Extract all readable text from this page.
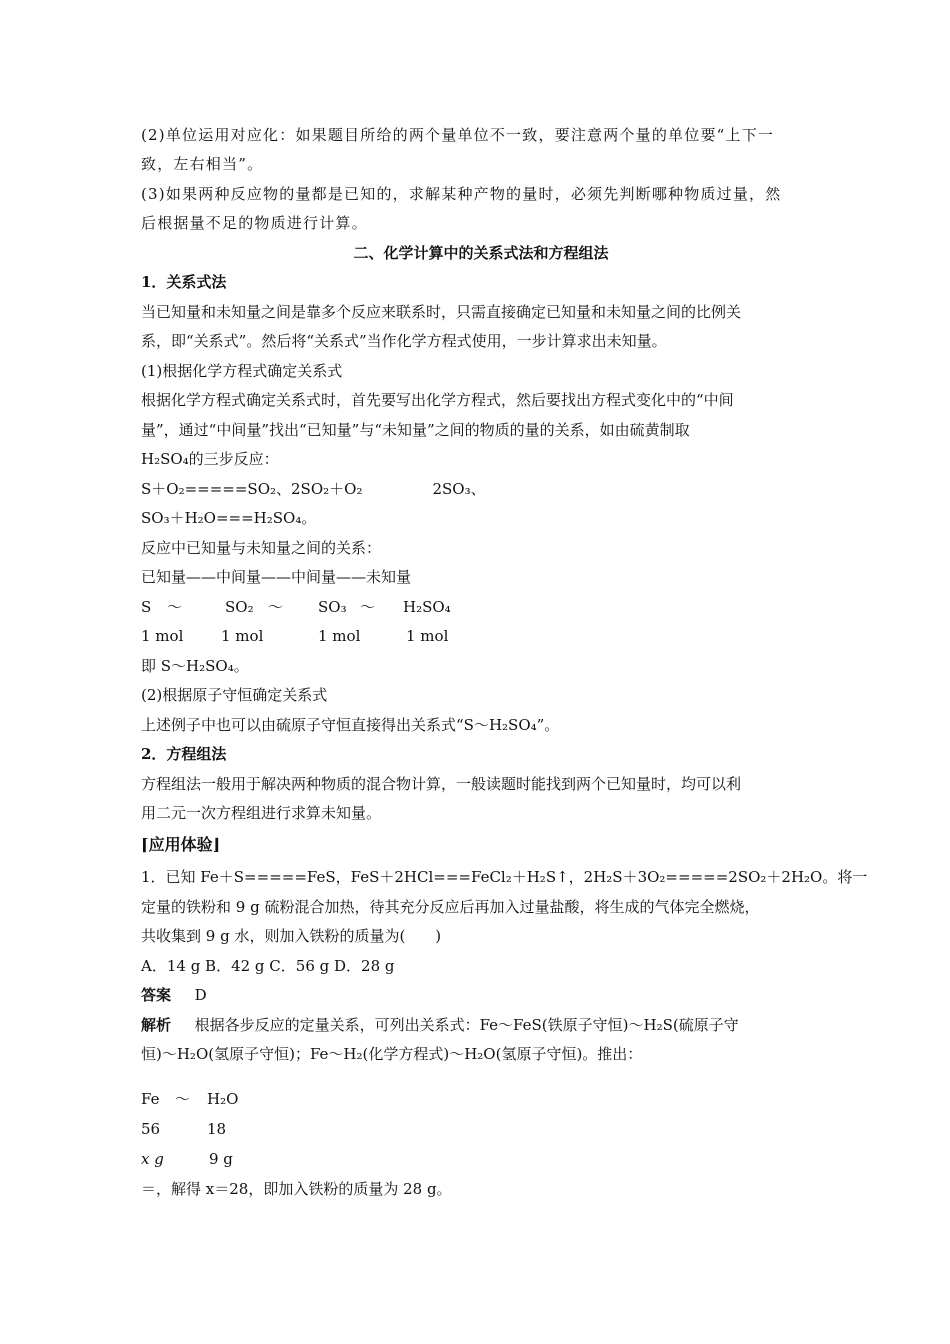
(2)单位运用对应化：如果题目所给的两个量单位不一致，要注意两个量的单位要“上下一
致，左右相当”。
(3)如果两种反应物的量都是已知的，求解某种产物的量时，必须先判断哪种物质过量，然
后根据量不足的物质进行计算。
二、化学计算中的关系式法和方程组法
1．关系式法
当已知量和未知量之间是靠多个反应来联系时，只需直接确定已知量和未知量之间的比例关
系，即“关系式”。然后将“关系式”当作化学方程式使用，一步计算求出未知量。
(1)根据化学方程式确定关系式
根据化学方程式确定关系式时，首先要写出化学方程式，然后要找出方程式变化中的“中间
量”，通过“中间量”找出“已知量”与“未知量”之间的物质的量的关系，如由硫黄制取
H₂SO₄的三步反应：
S＋O₂=====SO₂、2SO₂＋O₂	2SO₃、
SO₃＋H₂O===H₂SO₄。
反应中已知量与未知量之间的关系：
已知量——中间量——中间量——未知量
S ～	SO₂ ～ SO₃ ～ H₂SO₄
1 mol	1 mol	1 mol	1 mol
即 S～H₂SO₄。
(2)根据原子守恒确定关系式
上述例子中也可以由硫原子守恒直接得出关系式“S～H₂SO₄”。
2．方程组法
方程组法一般用于解决两种物质的混合物计算，一般读题时能找到两个已知量时，均可以利
用二元一次方程组进行求算未知量。
⌈应用体验⌋
1．已知 Fe＋S=====FeS，FeS＋2HCl===FeCl₂＋H₂S↑，2H₂S＋3O₂=====2SO₂＋2H₂O。将一
定量的铁粉和 9 g 硫粉混合加热，待其充分反应后再加入过量盐酸，将生成的气体完全燃烧，
共收集到 9 g 水，则加入铁粉的质量为(　　)
A．14 g B．42 g C．56 g D．28 g
答案 D
解析 根据各步反应的定量关系，可列出关系式：Fe～FeS(铁原子守恒)～H₂S(硫原子守
恒)～H₂O(氢原子守恒)；Fe～H₂(化学方程式)～H₂O(氢原子守恒)。推出：
Fe ～ H₂O
56	18
x g	9 g
＝，解得 x＝28，即加入铁粉的质量为 28 g。
